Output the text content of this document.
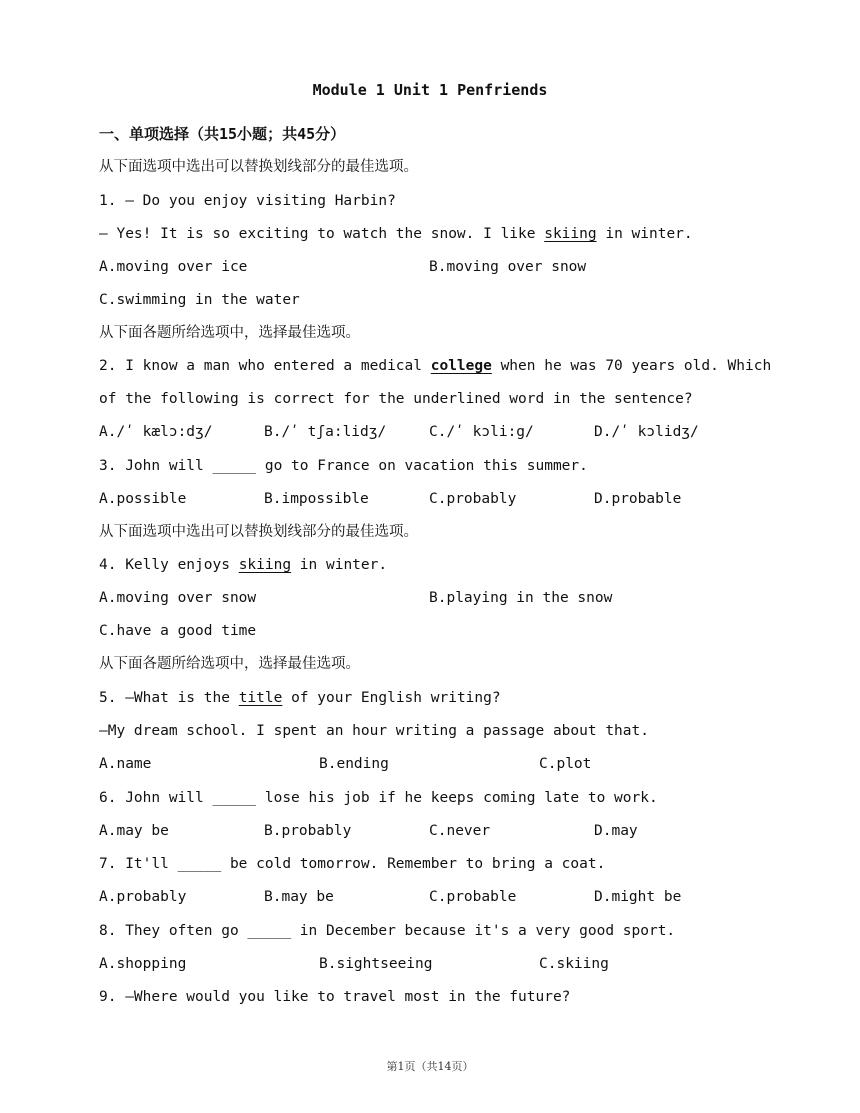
Module 1 Unit 1 Penfriends
一、单项选择（共15小题；共45分）
从下面选项中选出可以替换划线部分的最佳选项。
1. — Do you enjoy visiting Harbin?
— Yes! It is so exciting to watch the snow. I like skiing in winter.
A.moving over ice	B.moving over snow
C.swimming in the water
从下面各题所给选项中，选择最佳选项。
2. I know a man who entered a medical college when he was 70 years old. Which
of the following is correct for the underlined word in the sentence?
A./ʹ kælɔ:dʒ/	B./ʹ tʃa:lidʒ/	C./ʹ kɔli:g/	D./ʹ kɔlidʒ/
3. John will _____ go to France on vacation this summer.
A.possible	B.impossible	C.probably	D.probable
从下面选项中选出可以替换划线部分的最佳选项。
4. Kelly enjoys skiing in winter.
A.moving over snow	B.playing in the snow
C.have a good time
从下面各题所给选项中，选择最佳选项。
5. —What is the title of your English writing?
—My dream school. I spent an hour writing a passage about that.
A.name	B.ending	C.plot
6. John will _____ lose his job if he keeps coming late to work.
A.may be	B.probably	C.never	D.may
7. It'll _____ be cold tomorrow. Remember to bring a coat.
A.probably	B.may be	C.probable	D.might be
8. They often go _____ in December because it's a very good sport.
A.shopping	B.sightseeing	C.skiing
9. —Where would you like to travel most in the future?
第1页（共14页）
